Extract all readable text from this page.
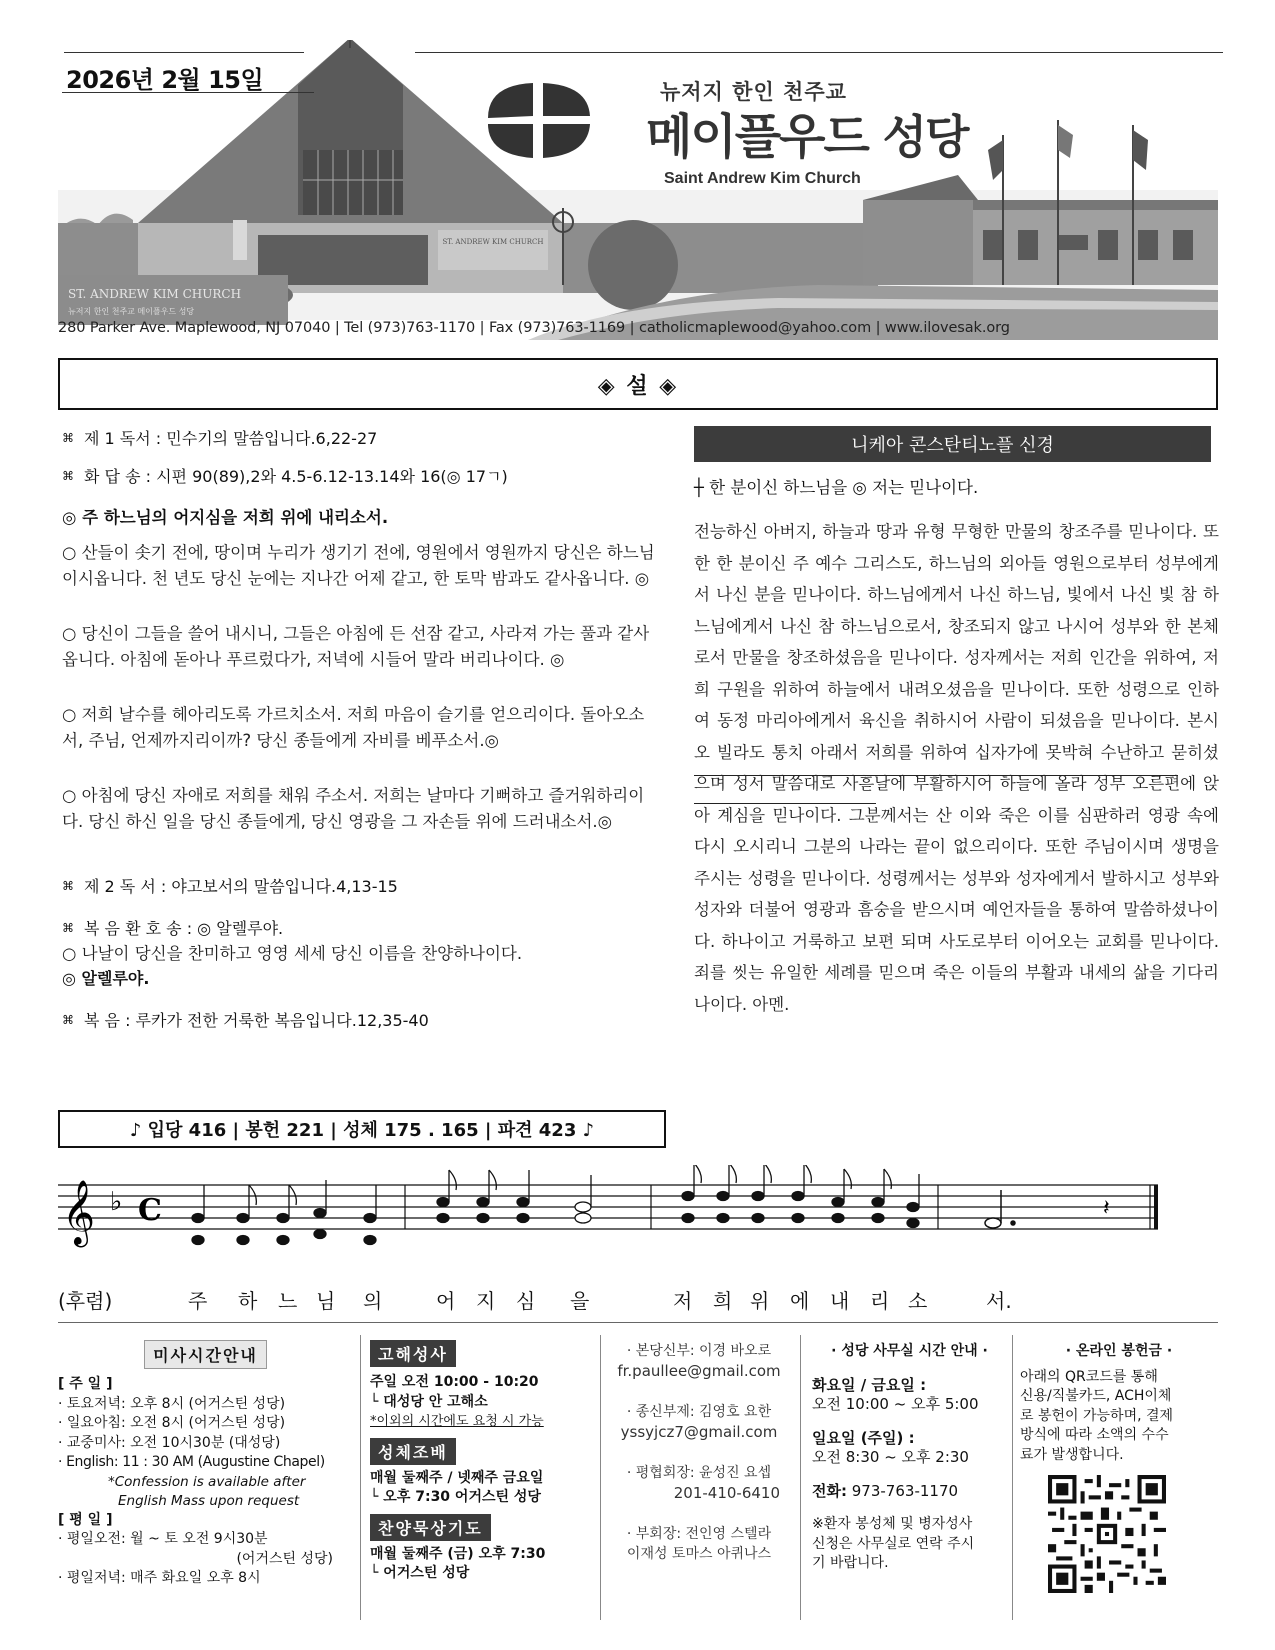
ST. ANDREW KIM CHURCH
ST. ANDREW KIM CHURCH
뉴저지 한인 천주교 메이플우드 성당
2026년 2월 15일	뉴저지 한인 천주교
메이플우드 성당
Saint Andrew Kim Church
280 Parker Ave. Maplewood, NJ 07040 | Tel (973)763-1170 | Fax (973)763-1169 | catholicmaplewood@yahoo.com | www.ilovesak.org
◈ 설 ◈
⌘ 제 1 독서 : 민수기의 말씀입니다.6,22-27
⌘ 화 답 송 : 시편 90(89),2와 4.5-6.12-13.14와 16(◎ 17ㄱ)
◎ 주 하느님의 어지심을 저희 위에 내리소서.
○ 산들이 솟기 전에, 땅이며 누리가 생기기 전에, 영원에서 영원까지 당신은 하느님이시옵니다. 천 년도 당신 눈에는 지나간 어제 같고, 한 토막 밤과도 같사옵니다. ◎
○ 당신이 그들을 쓸어 내시니, 그들은 아침에 든 선잠 같고, 사라져 가는 풀과 같사옵니다. 아침에 돋아나 푸르렀다가, 저녁에 시들어 말라 버리나이다. ◎
○ 저희 날수를 헤아리도록 가르치소서. 저희 마음이 슬기를 얻으리이다. 돌아오소서, 주님, 언제까지리이까? 당신 종들에게 자비를 베푸소서.◎
○ 아침에 당신 자애로 저희를 채워 주소서. 저희는 날마다 기뻐하고 즐거워하리이다. 당신 하신 일을 당신 종들에게, 당신 영광을 그 자손들 위에 드러내소서.◎
⌘ 제 2 독 서 : 야고보서의 말씀입니다.4,13-15
⌘ 복 음 환 호 송 : ◎ 알렐루야.
○ 나날이 당신을 찬미하고 영영 세세 당신 이름을 찬양하나이다.
◎ 알렐루야.
⌘ 복 음 : 루카가 전한 거룩한 복음입니다.12,35-40
니케아 콘스탄티노플 신경
┼ 한 분이신 하느님을 ◎ 저는 믿나이다.
전능하신 아버지, 하늘과 땅과 유형 무형한 만물의 창조주를 믿나이다. 또한 한 분이신 주 예수 그리스도, 하느님의 외아들 영원으로부터 성부에게서 나신 분을 믿나이다. 하느님에게서 나신 하느님, 빛에서 나신 빛 참 하느님에게서 나신 참 하느님으로서, 창조되지 않고 나시어 성부와 한 본체로서 만물을 창조하셨음을 믿나이다. 성자께서는 저희 인간을 위하여, 저희 구원을 위하여 하늘에서 내려오셨음을 믿나이다. 또한 성령으로 인하여 동정 마리아에게서 육신을 취하시어 사람이 되셨음을 믿나이다. 본시오 빌라도 통치 아래서 저희를 위하여 십자가에 못박혀 수난하고 묻히셨으며 성서 말씀대로 사흗날에 부활하시어 하늘에 올라 성부 오른편에 앉아 계심을 믿나이다. 그분께서는 산 이와 죽은 이를 심판하러 영광 속에 다시 오시리니 그분의 나라는 끝이 없으리이다. 또한 주님이시며 생명을 주시는 성령을 믿나이다. 성령께서는 성부와 성자에게서 발하시고 성부와 성자와 더불어 영광과 흠숭을 받으시며 예언자들을 통하여 말씀하셨나이다. 하나이고 거룩하고 보편 되며 사도로부터 이어오는 교회를 믿나이다. 죄를 씻는 유일한 세례를 믿으며 죽은 이들의 부활과 내세의 삶을 기다리나이다. 아멘.
♪ 입당 416 | 봉헌 221 | 성체 175 . 165 | 파견 423 ♪
𝄞 ♭ C	𝄽
(후렴)	주 하 느 님 의	어 지 심 을	저 희 위 에 내 리 소	서.
미사시간안내
[ 주 일 ]
· 토요저녁: 오후 8시 (어거스틴 성당)
· 일요아침: 오전 8시 (어거스틴 성당)
· 교중미사: 오전 10시30분 (대성당)
· English: 11 : 30 AM (Augustine Chapel)
*Confession is available after
English Mass upon request
[ 평 일 ]
· 평일오전: 월 ~ 토 오전 9시30분
(어거스틴 성당)
· 평일저녁: 매주 화요일 오후 8시
고해성사
주일 오전 10:00 - 10:20
└ 대성당 안 고해소
*이외의 시간에도 요청 시 가능
성체조배
매월 둘째주 / 넷째주 금요일
└ 오후 7:30 어거스틴 성당
찬양묵상기도
매월 둘째주 (금) 오후 7:30
└ 어거스틴 성당
· 본당신부: 이경 바오로
fr.paullee@gmail.com
· 종신부제: 김영호 요한
yssyjcz7@gmail.com
· 평협회장: 윤성진 요셉
201-410-6410
· 부회장: 전인영 스텔라
이재성 토마스 아퀴나스
· 성당 사무실 시간 안내 ·
화요일 / 금요일 :
오전 10:00 ~ 오후 5:00
일요일 (주일) :
오전 8:30 ~ 오후 2:30
전화: 973-763-1170
※환자 봉성체 및 병자성사
신청은 사무실로 연락 주시
기 바랍니다.
· 온라인 봉헌금 ·
아래의 QR코드를 통해
신용/직불카드, ACH이체
로 봉헌이 가능하며, 결제
방식에 따라 소액의 수수
료가 발생합니다.
